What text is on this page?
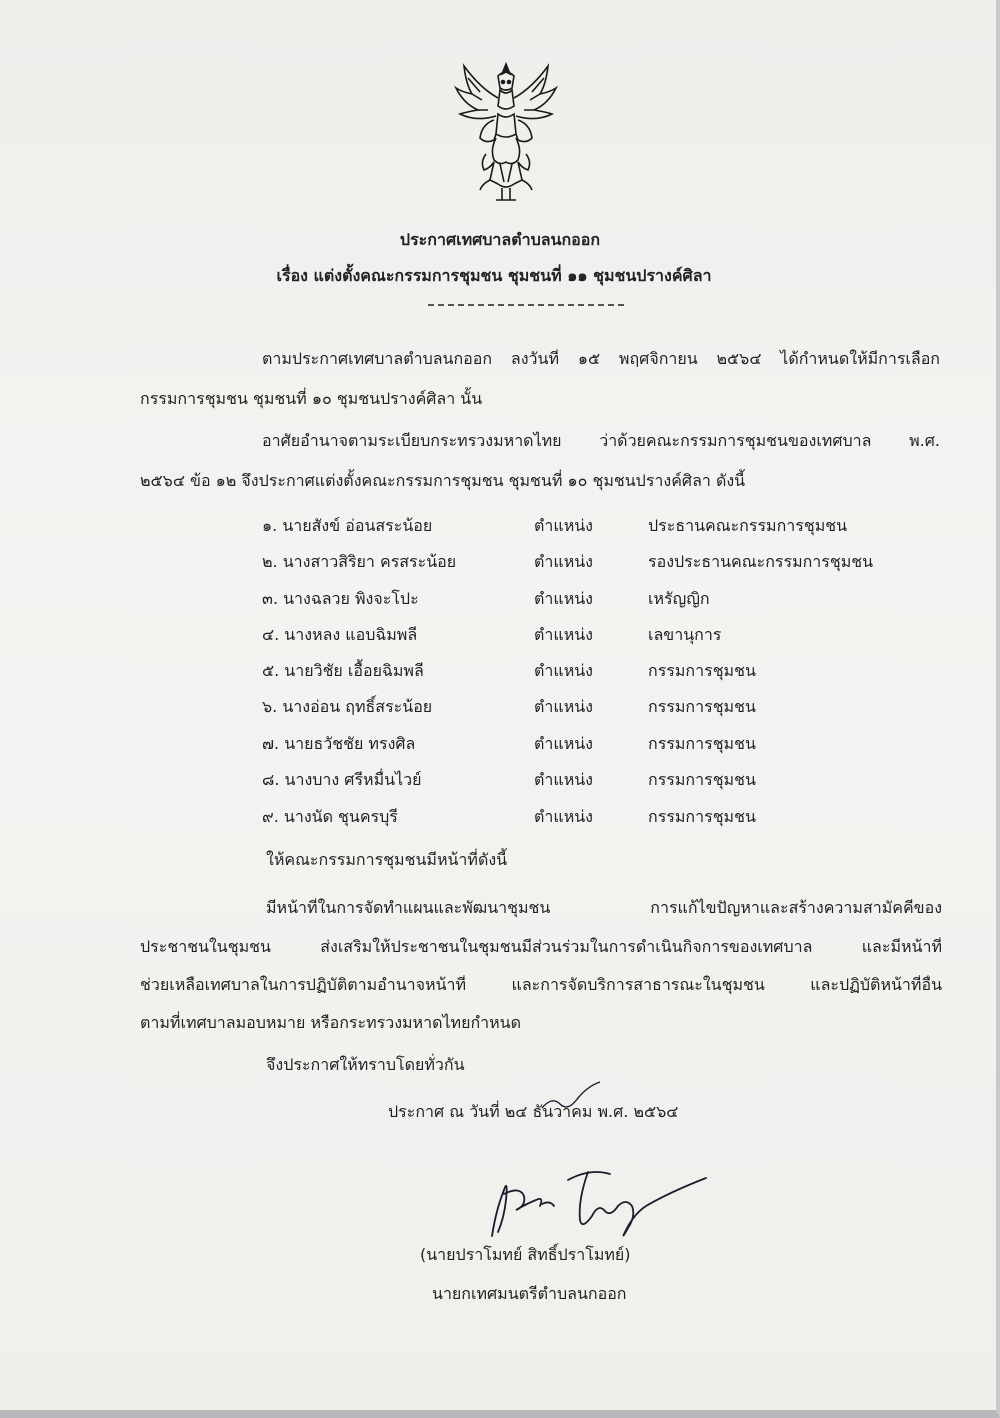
ประกาศเทศบาลตำบลนกออก
เรื่อง แต่งตั้งคณะกรรมการชุมชน ชุมชนที่ ๑๑ ชุมชนปรางค์ศิลา
ตามประกาศเทศบาลตำบลนกออก ลงวันที่ ๑๕ พฤศจิกายน ๒๕๖๔ ได้กำหนดให้มีการเลือก
กรรมการชุมชน ชุมชนที่ ๑๐ ชุมชนปรางค์ศิลา นั้น
อาศัยอำนาจตามระเบียบกระทรวงมหาดไทย ว่าด้วยคณะกรรมการชุมชนของเทศบาล พ.ศ.
๒๕๖๔ ข้อ ๑๒ จึงประกาศแต่งตั้งคณะกรรมการชุมชน ชุมชนที่ ๑๐ ชุมชนปรางค์ศิลา ดังนี้
๑. นายสังข์ อ่อนสระน้อย	ตำแหน่ง	ประธานคณะกรรมการชุมชน
๒. นางสาวสิริยา ครสระน้อย	ตำแหน่ง	รองประธานคณะกรรมการชุมชน
๓. นางฉลวย พิงจะโปะ	ตำแหน่ง	เหรัญญิก
๔. นางหลง แอบฉิมพลี	ตำแหน่ง	เลขานุการ
๕. นายวิชัย เอื้อยฉิมพลี	ตำแหน่ง	กรรมการชุมชน
๖. นางอ่อน ฤทธิ์สระน้อย	ตำแหน่ง	กรรมการชุมชน
๗. นายธวัชชัย ทรงศิล	ตำแหน่ง	กรรมการชุมชน
๘. นางบาง ศรีหมื่นไวย์	ตำแหน่ง	กรรมการชุมชน
๙. นางนัด ชุนครบุรี	ตำแหน่ง	กรรมการชุมชน
ให้คณะกรรมการชุมชนมีหน้าที่ดังนี้
มีหน้าที่ในการจัดทำแผนและพัฒนาชุมชน การแก้ไขปัญหาและสร้างความสามัคคีของ
ประชาชนในชุมชน ส่งเสริมให้ประชาชนในชุมชนมีส่วนร่วมในการดำเนินกิจการของเทศบาล และมีหน้าที่
ช่วยเหลือเทศบาลในการปฏิบัติตามอำนาจหน้าที่ และการจัดบริการสาธารณะในชุมชน และปฏิบัติหน้าที่อื่น
ตามที่เทศบาลมอบหมาย หรือกระทรวงมหาดไทยกำหนด
จึงประกาศให้ทราบโดยทั่วกัน
ประกาศ ณ วันที่ ๒๔ ธันวาคม พ.ศ. ๒๕๖๔
(นายปราโมทย์ สิทธิ์ปราโมทย์)
นายกเทศมนตรีตำบลนกออก
